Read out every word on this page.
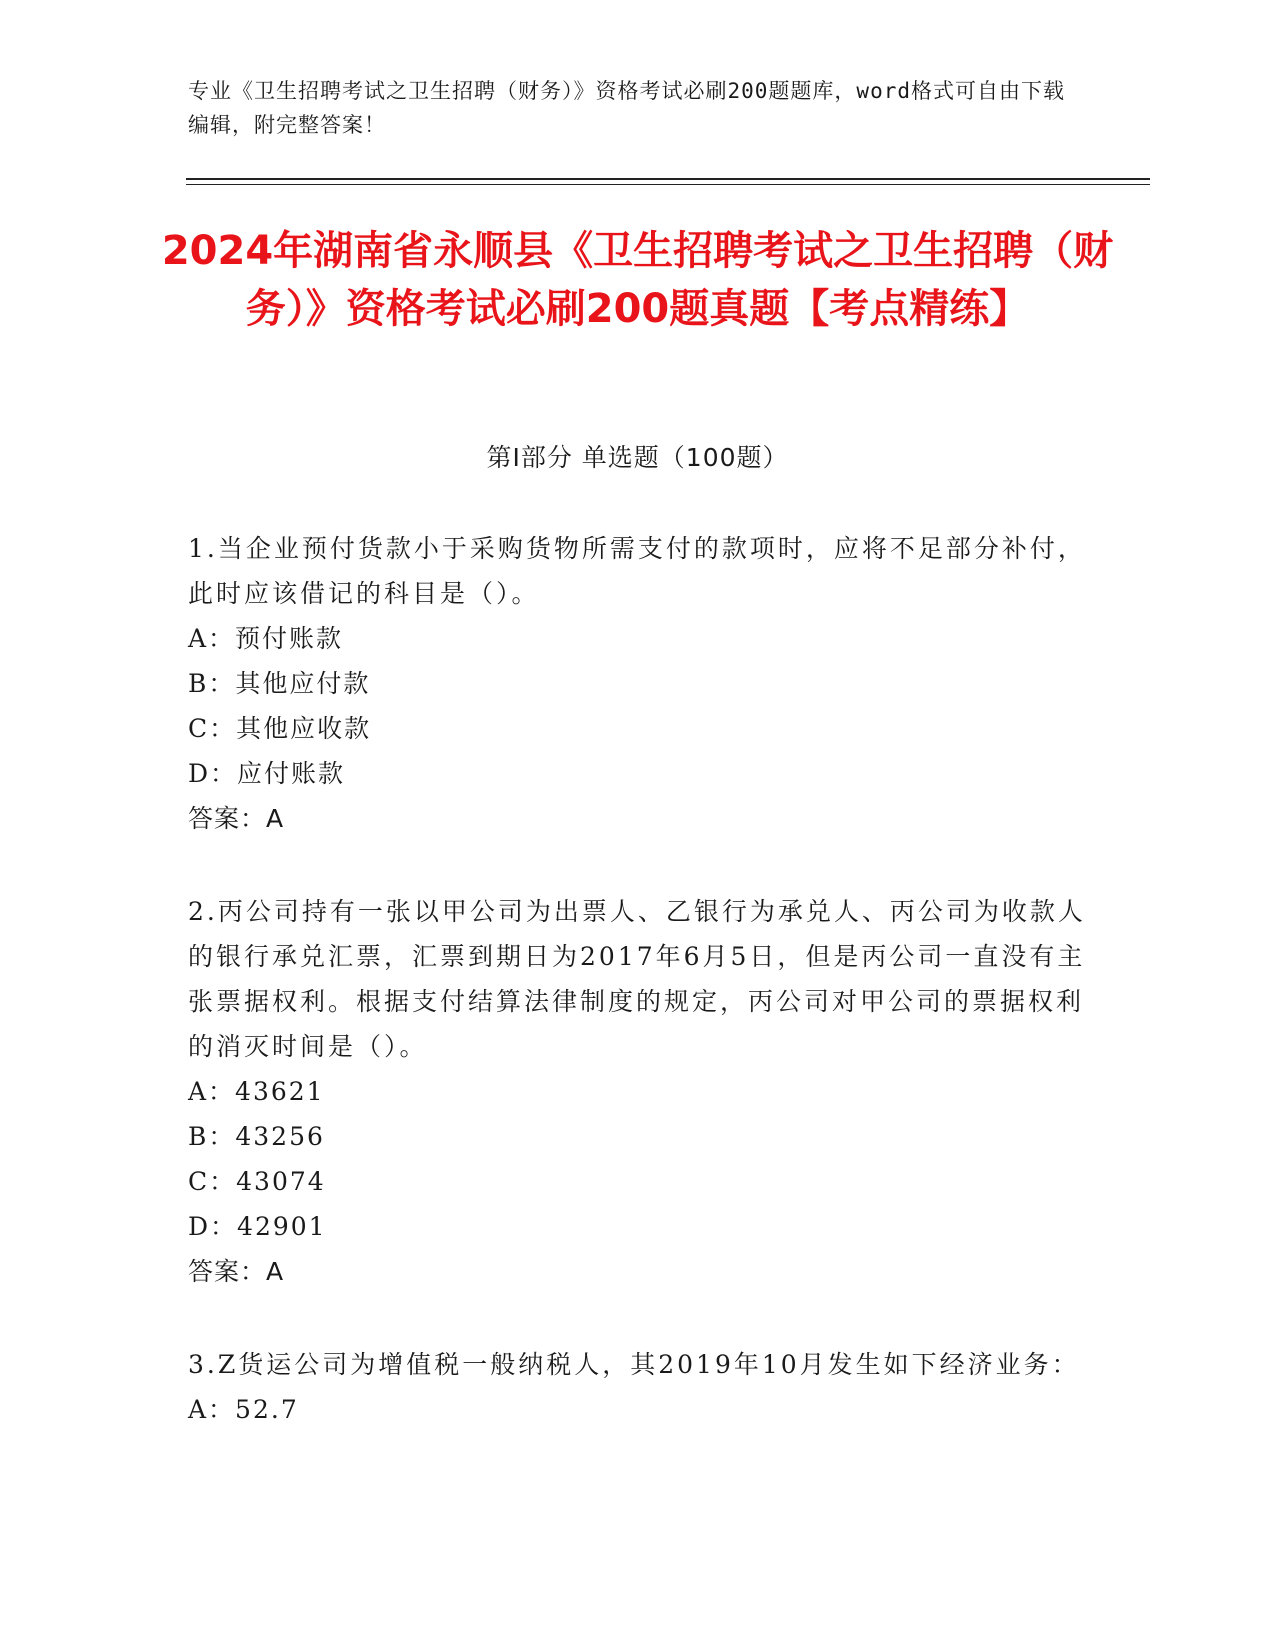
专业《卫生招聘考试之卫生招聘（财务）》资格考试必刷200题题库，word格式可自由下载编辑，附完整答案！
2024年湖南省永顺县《卫生招聘考试之卫生招聘（财务）》资格考试必刷200题真题【考点精练】
第Ⅰ部分 单选题（100题）

1.当企业预付货款小于采购货物所需支付的款项时，应将不足部分补付，此时应该借记的科目是（）。

A：预付账款

B：其他应付款

C：其他应收款

D：应付账款

答案：A

2.丙公司持有一张以甲公司为出票人、乙银行为承兑人、丙公司为收款人的银行承兑汇票，汇票到期日为2017年6月5日，但是丙公司一直没有主张票据权利。根据支付结算法律制度的规定，丙公司对甲公司的票据权利的消灭时间是（）。

A：43621

B：43256

C：43074

D：42901

答案：A

3.Z货运公司为增值税一般纳税人，其2019年10月发生如下经济业务：

A：52.7
